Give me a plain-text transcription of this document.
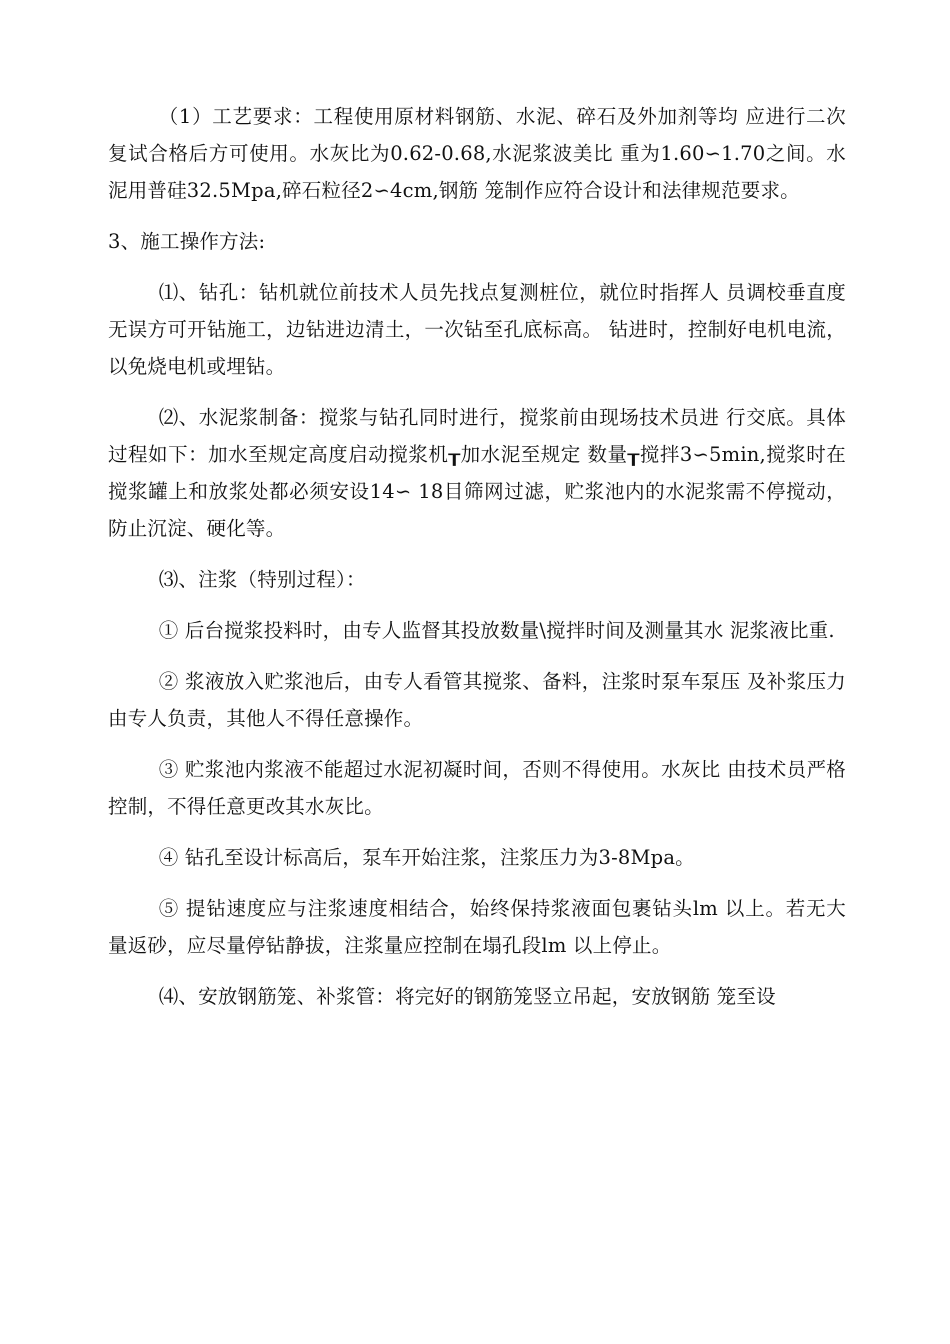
（1）工艺要求：工程使用原材料钢筋、水泥、碎石及外加剂等均 应进行二次复试合格后方可使用。水灰比为0.62-0.68,水泥浆波美比 重为1.60∽1.70之间。水泥用普硅32.5Mpa,碎石粒径2∽4cm,钢筋 笼制作应符合设计和法律规范要求。

3、施工操作方法:

⑴、钻孔：钻机就位前技术人员先找点复测桩位，就位时指挥人 员调校垂直度无误方可开钻施工，边钻进边清土，一次钻至孔底标高。 钻进时，控制好电机电流，以免烧电机或埋钻。

⑵、水泥浆制备：搅浆与钻孔同时进行，搅浆前由现场技术员进 行交底。具体过程如下：加水至规定高度启动搅浆机┰加水泥至规定 数量┰搅拌3∽5min,搅浆时在搅浆罐上和放浆处都必须安设14∽ 18目筛网过滤，贮浆池内的水泥浆需不停搅动，防止沉淀、硬化等。

⑶、注浆（特别过程）：

① 后台搅浆投料时，由专人监督其投放数量\搅拌时间及测量其水 泥浆液比重.

② 浆液放入贮浆池后，由专人看管其搅浆、备料，注浆时泵车泵压 及补浆压力由专人负责，其他人不得任意操作。

③ 贮浆池内浆液不能超过水泥初凝时间，否则不得使用。水灰比 由技术员严格控制，不得任意更改其水灰比。

④ 钻孔至设计标高后，泵车开始注浆，注浆压力为3-8Mpa。

⑤ 提钻速度应与注浆速度相结合，始终保持浆液面包裹钻头lm 以上。若无大量返砂，应尽量停钻静拔，注浆量应控制在塌孔段lm 以上停止。

⑷、安放钢筋笼、补浆管：将完好的钢筋笼竖立吊起，安放钢筋 笼至设
